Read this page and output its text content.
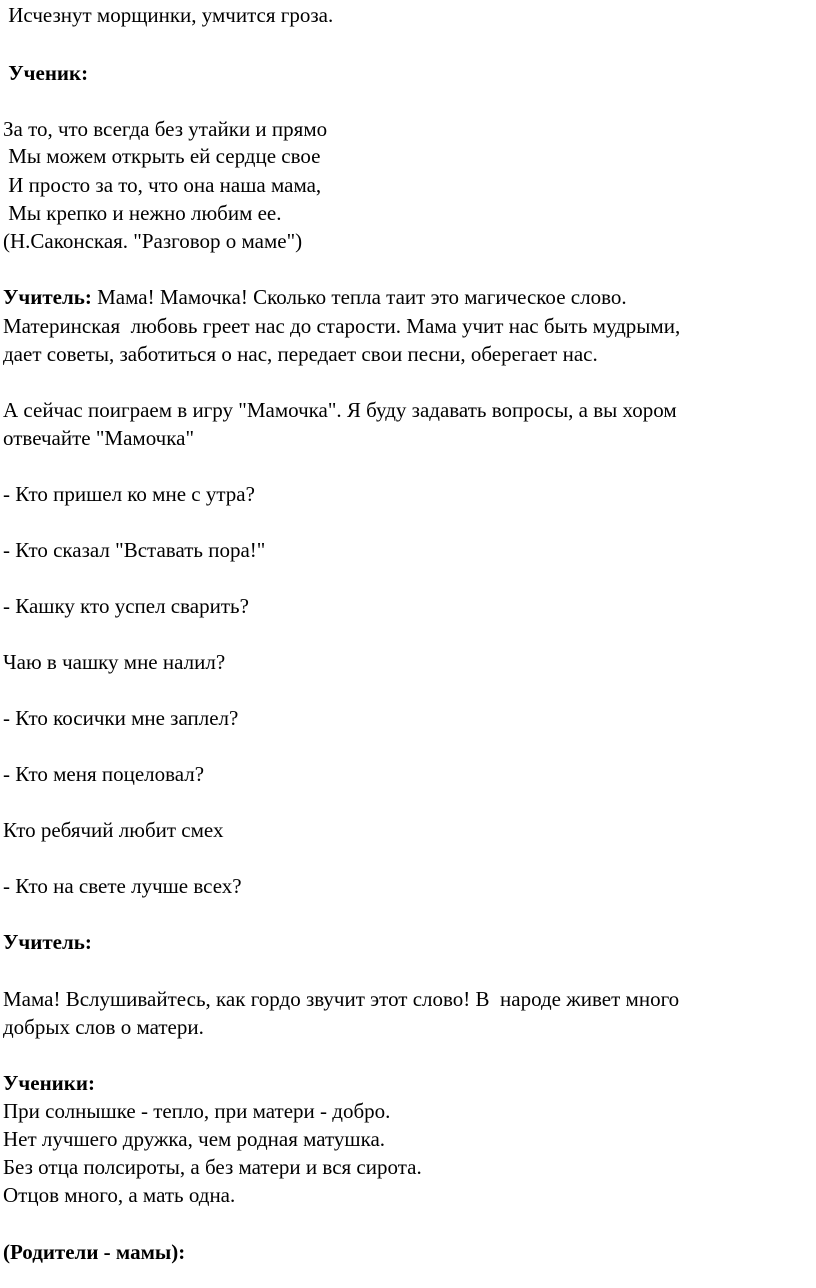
Исчезнут морщинки, умчится гроза.
Ученик:
За то, что всегда без утайки и прямо
Мы можем открыть ей сердце свое
И просто за то, что она наша мама,
Мы крепко и нежно любим ее.
(Н.Саконская. "Разговор о маме")
Учитель: Мама! Мамочка! Сколько тепла таит это магическое слово.
Материнская  любовь греет нас до старости. Мама учит нас быть мудрыми,
дает советы, заботиться о нас, передает свои песни, оберегает нас.
А сейчас поиграем в игру "Мамочка". Я буду задавать вопросы, а вы хором
отвечайте "Мамочка"
- Кто пришел ко мне с утра?
- Кто сказал "Вставать пора!"
- Кашку кто успел сварить?
Чаю в чашку мне налил?
- Кто косички мне заплел?
- Кто меня поцеловал?
Кто ребячий любит смех
- Кто на свете лучше всех?
Учитель:
Мама! Вслушивайтесь, как гордо звучит этот слово! В  народе живет много
добрых слов о матери.
Ученики:
При солнышке - тепло, при матери - добро.
Нет лучшего дружка, чем родная матушка.
Без отца полсироты, а без матери и вся сирота.
Отцов много, а мать одна.
(Родители - мамы):
